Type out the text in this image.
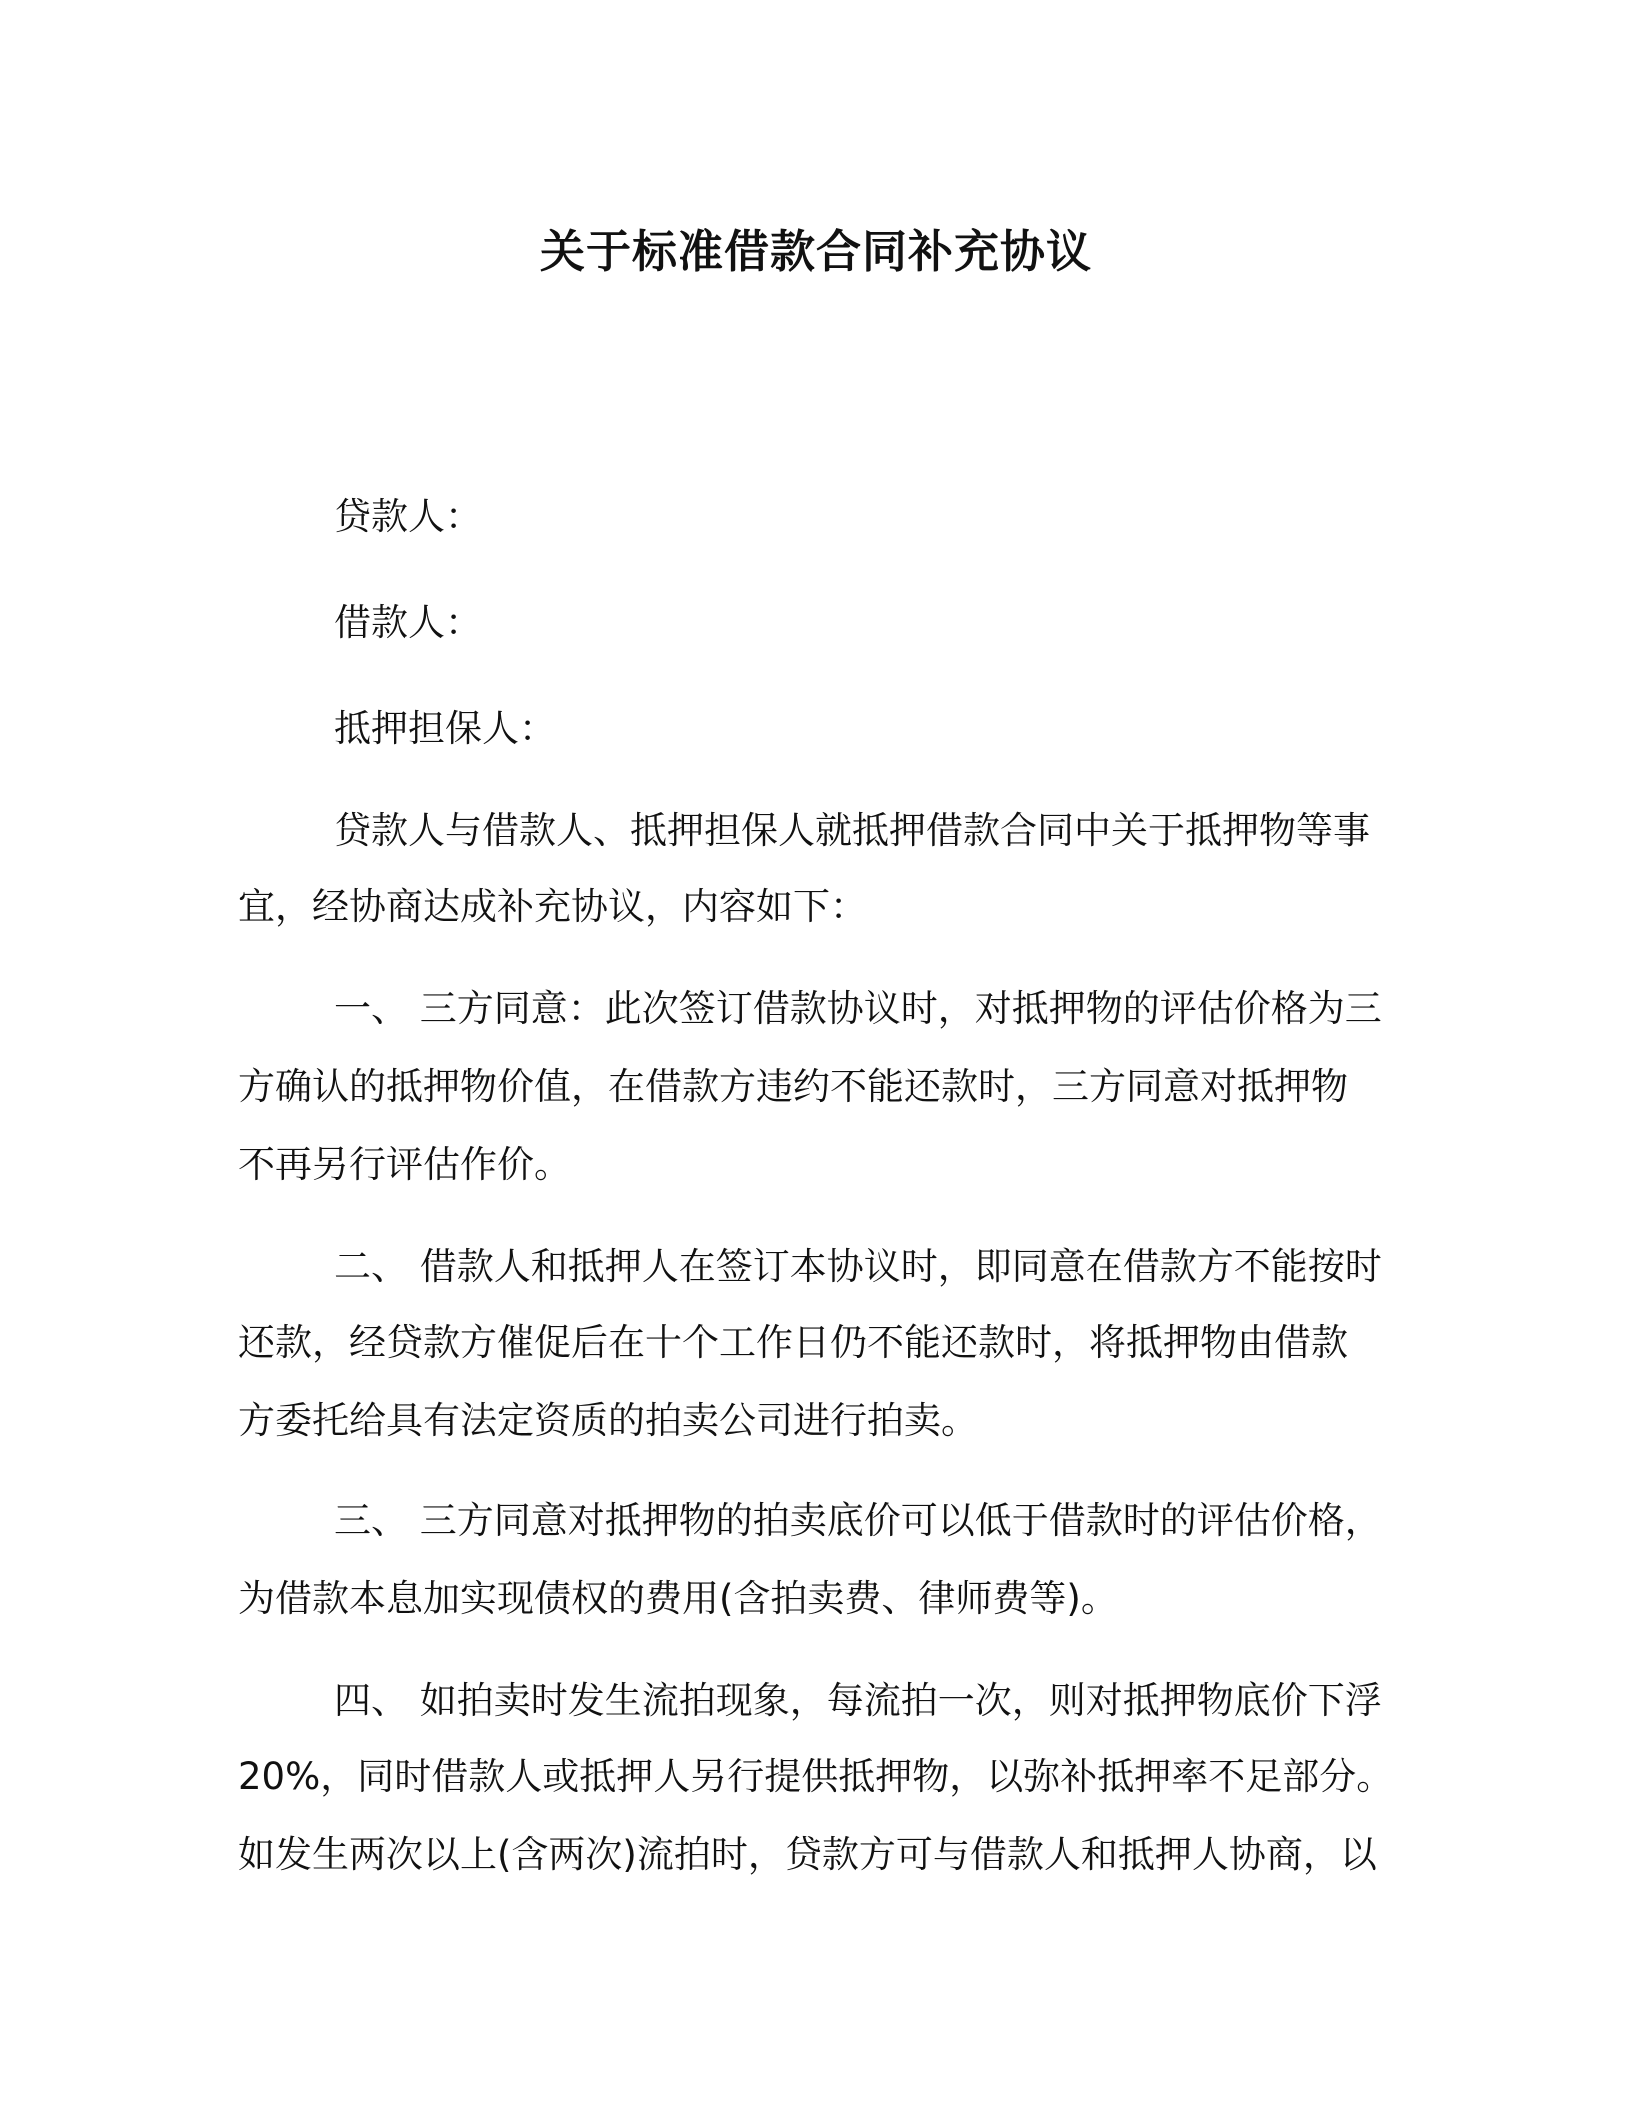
关于标准借款合同补充协议

贷款人：

借款人：

抵押担保人：

贷款人与借款人、抵押担保人就抵押借款合同中关于抵押物等事

宜，经协商达成补充协议，内容如下：

一、 三方同意：此次签订借款协议时，对抵押物的评估价格为三

方确认的抵押物价值，在借款方违约不能还款时，三方同意对抵押物

不再另行评估作价。

二、 借款人和抵押人在签订本协议时，即同意在借款方不能按时

还款，经贷款方催促后在十个工作日仍不能还款时，将抵押物由借款

方委托给具有法定资质的拍卖公司进行拍卖。

三、 三方同意对抵押物的拍卖底价可以低于借款时的评估价格，

为借款本息加实现债权的费用(含拍卖费、律师费等)。

四、 如拍卖时发生流拍现象，每流拍一次，则对抵押物底价下浮

20%，同时借款人或抵押人另行提供抵押物，以弥补抵押率不足部分。

如发生两次以上(含两次)流拍时，贷款方可与借款人和抵押人协商，以
